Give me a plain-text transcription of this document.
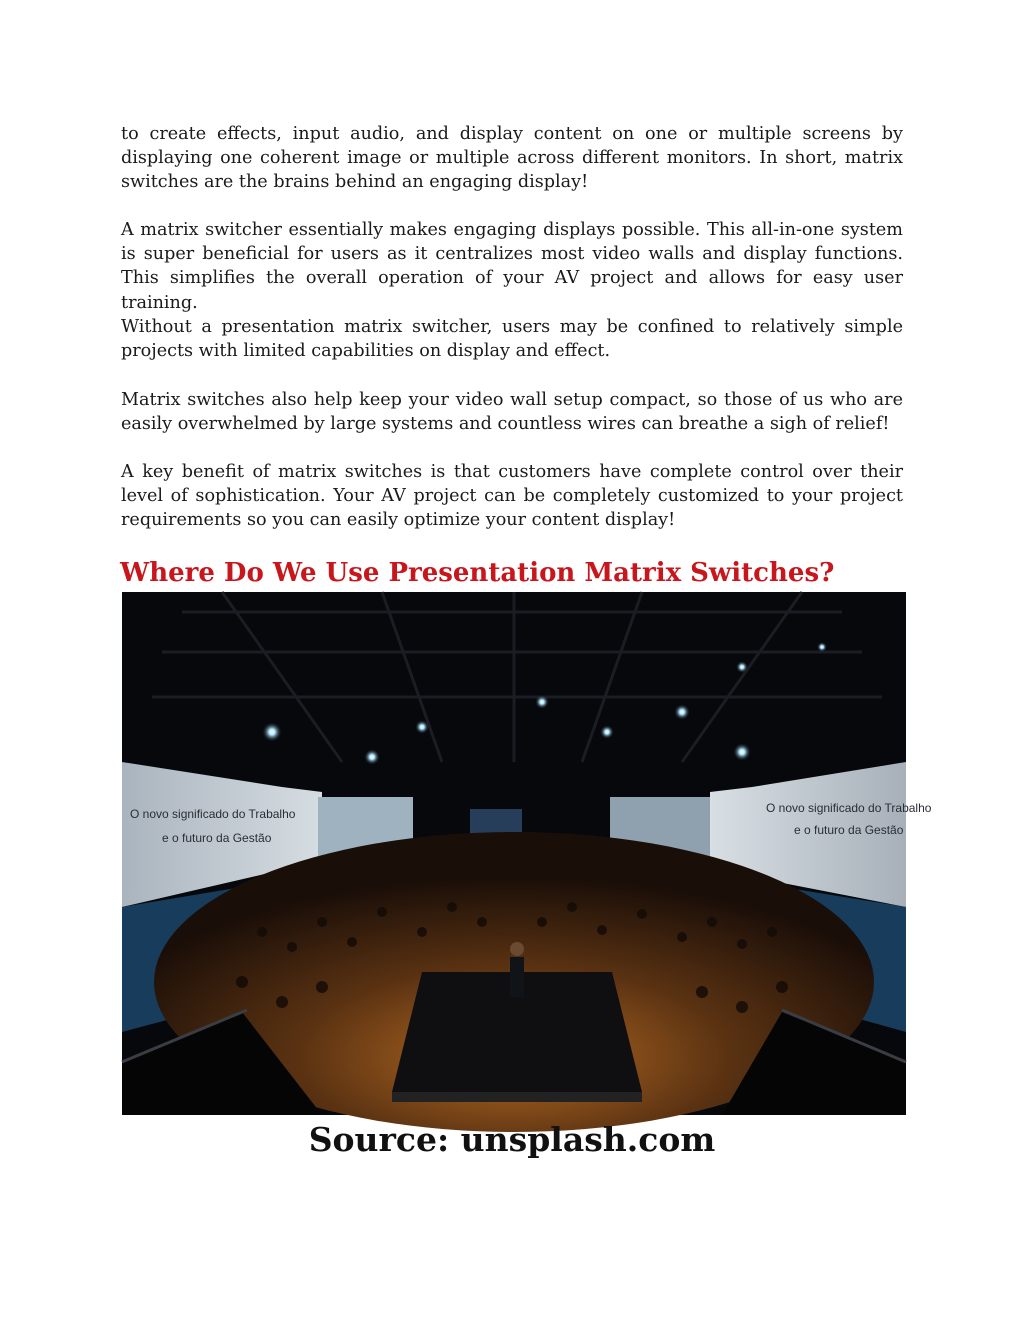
to create effects, input audio, and display content on one or multiple screens by displaying one coherent image or multiple across different monitors. In short, matrix switches are the brains behind an engaging display!

A matrix switcher essentially makes engaging displays possible. This all-in-one system is super beneficial for users as it centralizes most video walls and display functions. This simplifies the overall operation of your AV project and allows for easy user training.

Without a presentation matrix switcher, users may be confined to relatively simple projects with limited capabilities on display and effect.

Matrix switches also help keep your video wall setup compact, so those of us who are easily overwhelmed by large systems and countless wires can breathe a sigh of relief!

A key benefit of matrix switches is that customers have complete control over their level of sophistication. Your AV project can be completely customized to your project requirements so you can easily optimize your content display!

Where Do We Use Presentation Matrix Switches?
O novo significado do Trabalho
e o futuro da Gestão
O novo significado do Trabalho
e o futuro da Gestão

Source: unsplash.com
